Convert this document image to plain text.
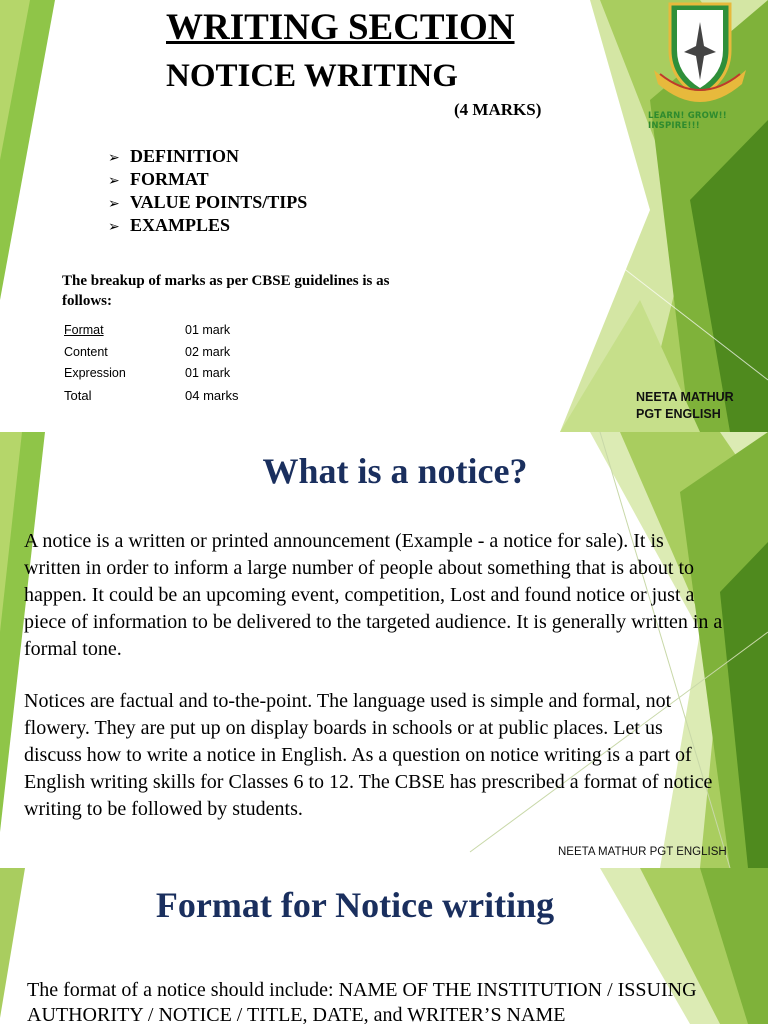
LEARN! GROW!! INSPIRE!!!
WRITING SECTION
NOTICE WRITING
(4 MARKS)
➢ DEFINITION
➢ FORMAT
➢ VALUE POINTS/TIPS
➢ EXAMPLES
The breakup of marks as per CBSE guidelines is as follows:
Format	01 mark
Content	02 mark
Expression	01 mark
Total	04 marks	NEETA MATHUR
PGT ENGLISH
What is a notice?

A notice is a written or printed announcement (Example - a notice for sale). It is written in order to inform a large number of people about something that is about to happen. It could be an upcoming event, competition, Lost and found notice or just a piece of information to be delivered to the targeted audience. It is generally written in a formal tone.

Notices are factual and to-the-point. The language used is simple and formal, not flowery. They are put up on display boards in schools or at public places. Let us discuss how to write a notice in English. As a question on notice writing is a part of English writing skills for Classes 6 to 12. The CBSE has prescribed a format of notice writing to be followed by students.

NEETA MATHUR PGT ENGLISH
Format for Notice writing

The format of a notice should include: NAME OF THE INSTITUTION / ISSUING AUTHORITY / NOTICE / TITLE, DATE, and WRITER’S NAME
